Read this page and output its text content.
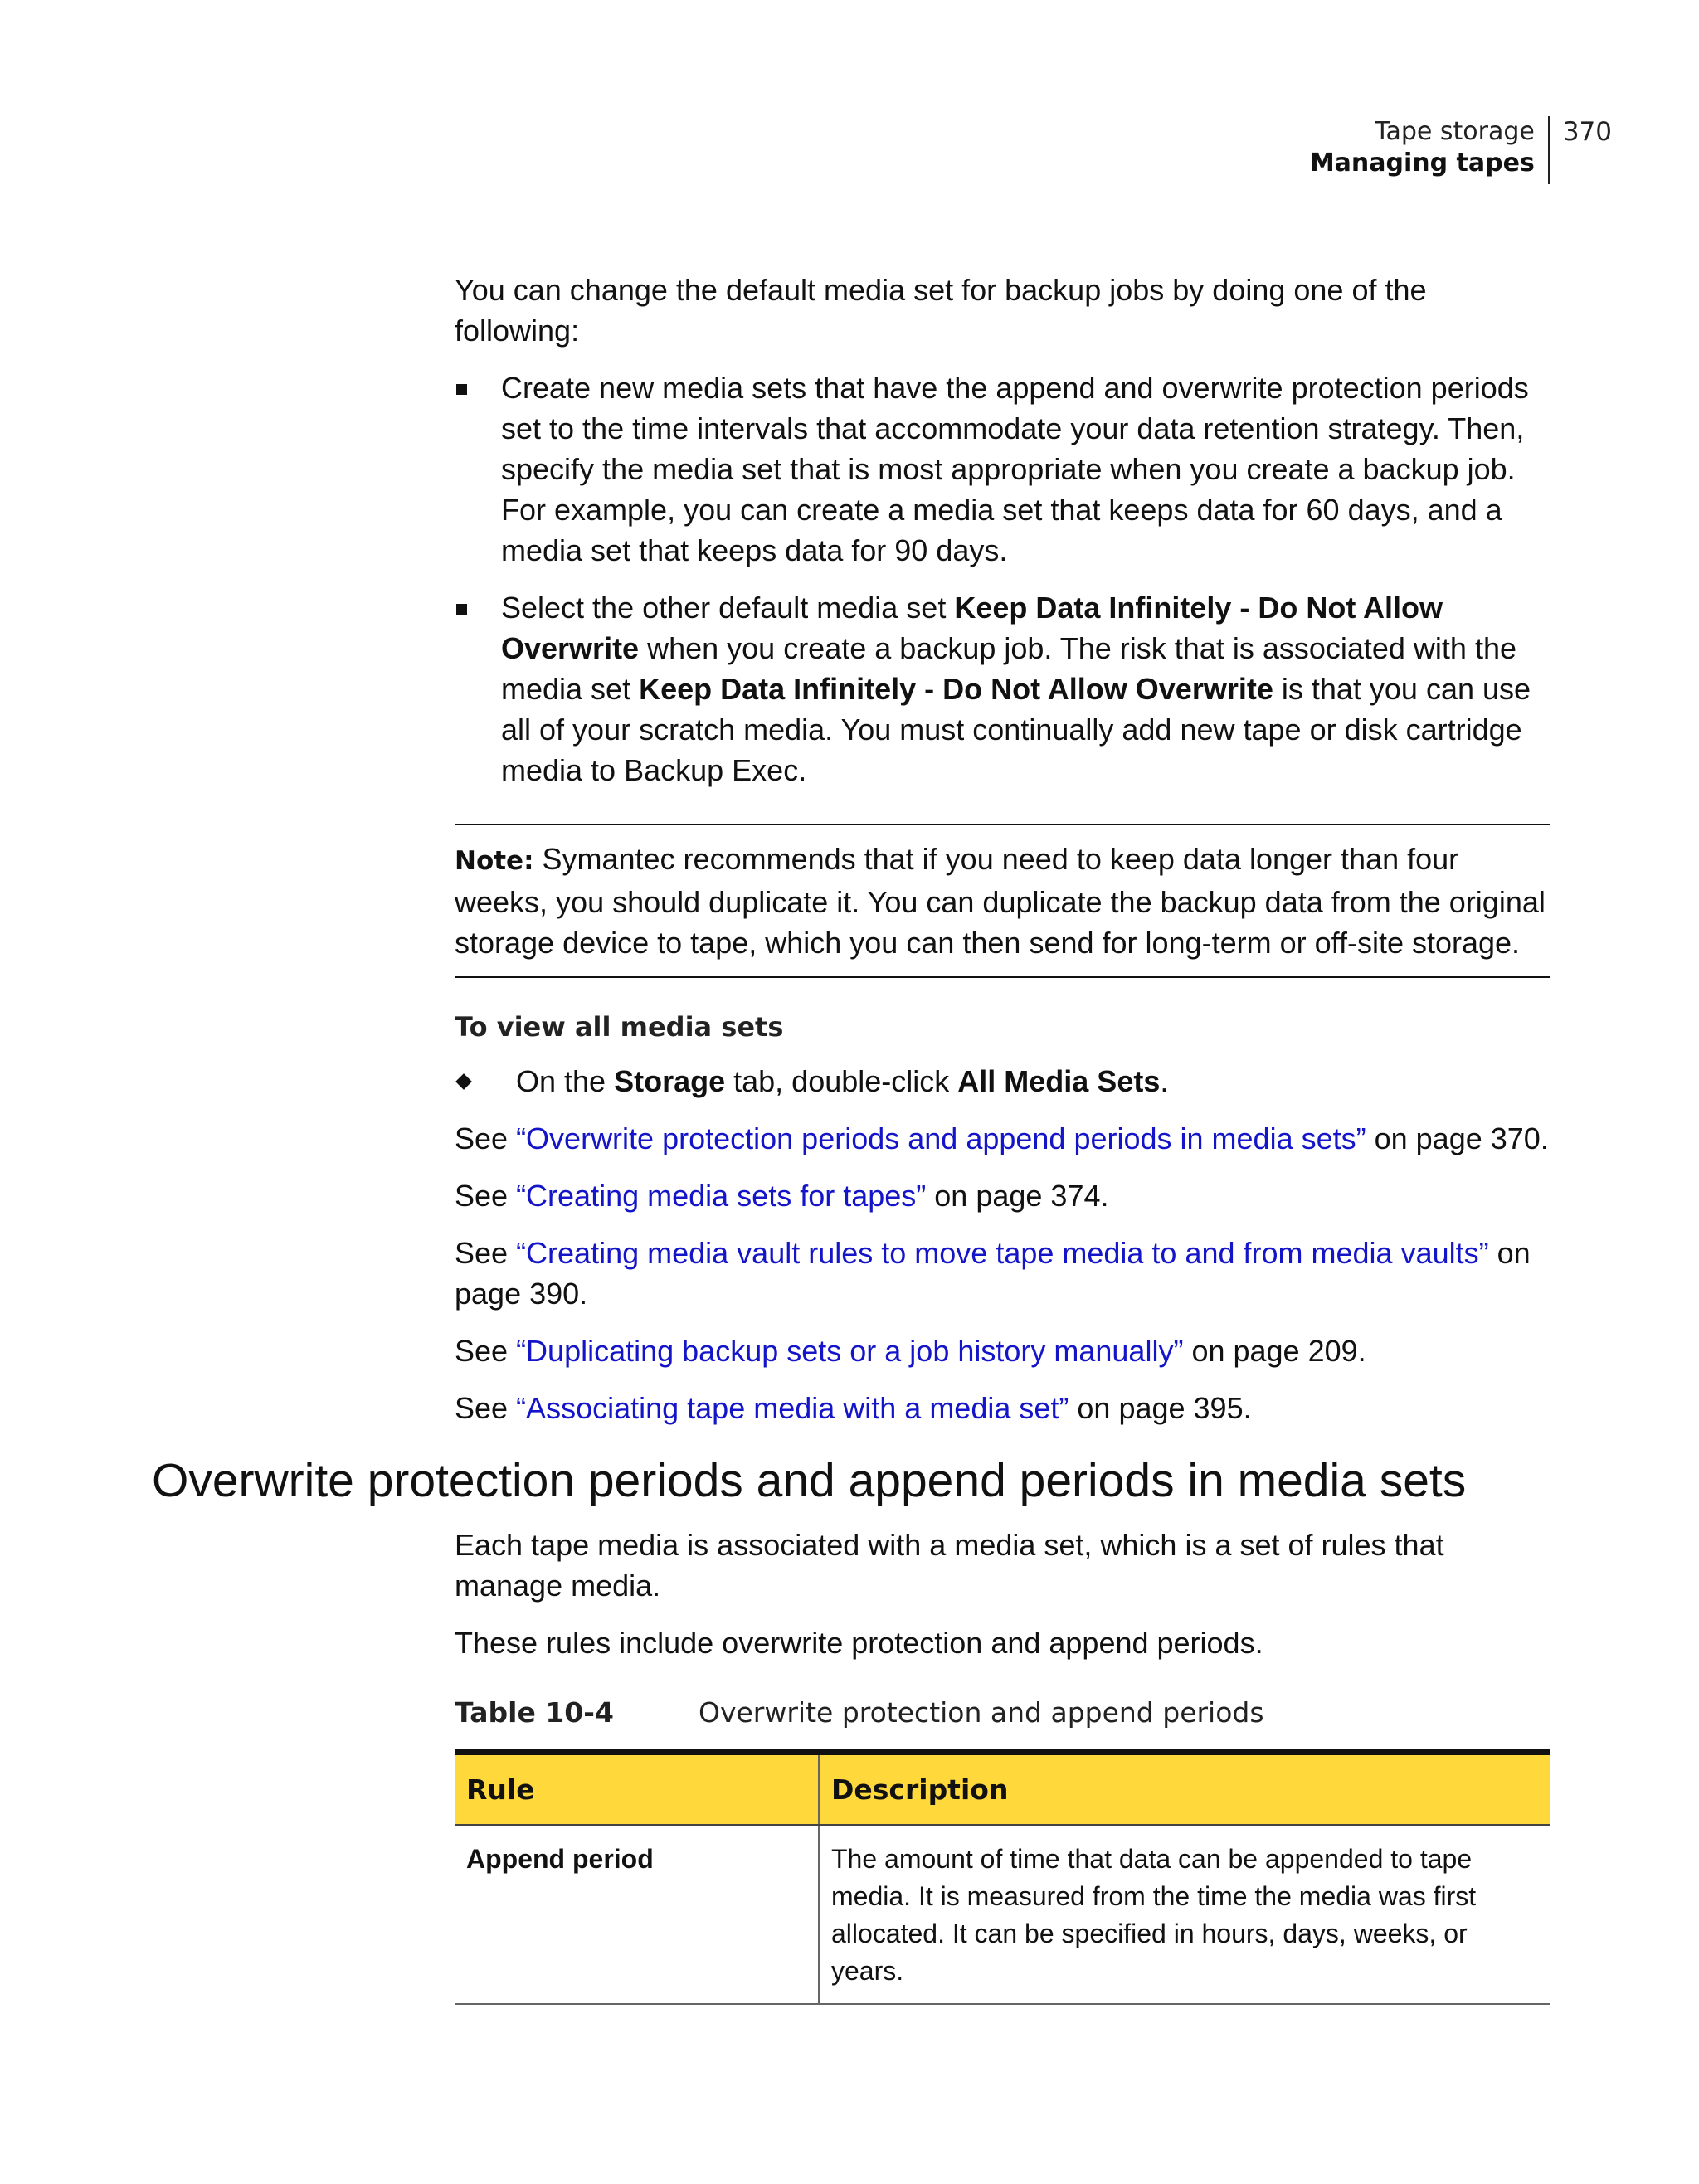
Tape storage
Managing tapes
370

You can change the default media set for backup jobs by doing one of the following:

Create new media sets that have the append and overwrite protection periods set to the time intervals that accommodate your data retention strategy. Then, specify the media set that is most appropriate when you create a backup job. For example, you can create a media set that keeps data for 60 days, and a media set that keeps data for 90 days.
Select the other default media set Keep Data Infinitely - Do Not Allow Overwrite when you create a backup job. The risk that is associated with the media set Keep Data Infinitely - Do Not Allow Overwrite is that you can use all of your scratch media. You must continually add new tape or disk cartridge media to Backup Exec.
Note: Symantec recommends that if you need to keep data longer than four weeks, you should duplicate it. You can duplicate the backup data from the original storage device to tape, which you can then send for long-term or off-site storage.
To view all media sets
On the Storage tab, double-click All Media Sets.

See “Overwrite protection periods and append periods in media sets” on page 370.

See “Creating media sets for tapes” on page 374.

See “Creating media vault rules to move tape media to and from media vaults” on page 390.

See “Duplicating backup sets or a job history manually” on page 209.

See “Associating tape media with a media set” on page 395.

Overwrite protection periods and append periods in media sets

Each tape media is associated with a media set, which is a set of rules that manage media.

These rules include overwrite protection and append periods.

Table 10-4	Overwrite protection and append periods
Rule	Description
Append period	The amount of time that data can be appended to tape media. It is measured from the time the media was first allocated. It can be specified in hours, days, weeks, or years.
